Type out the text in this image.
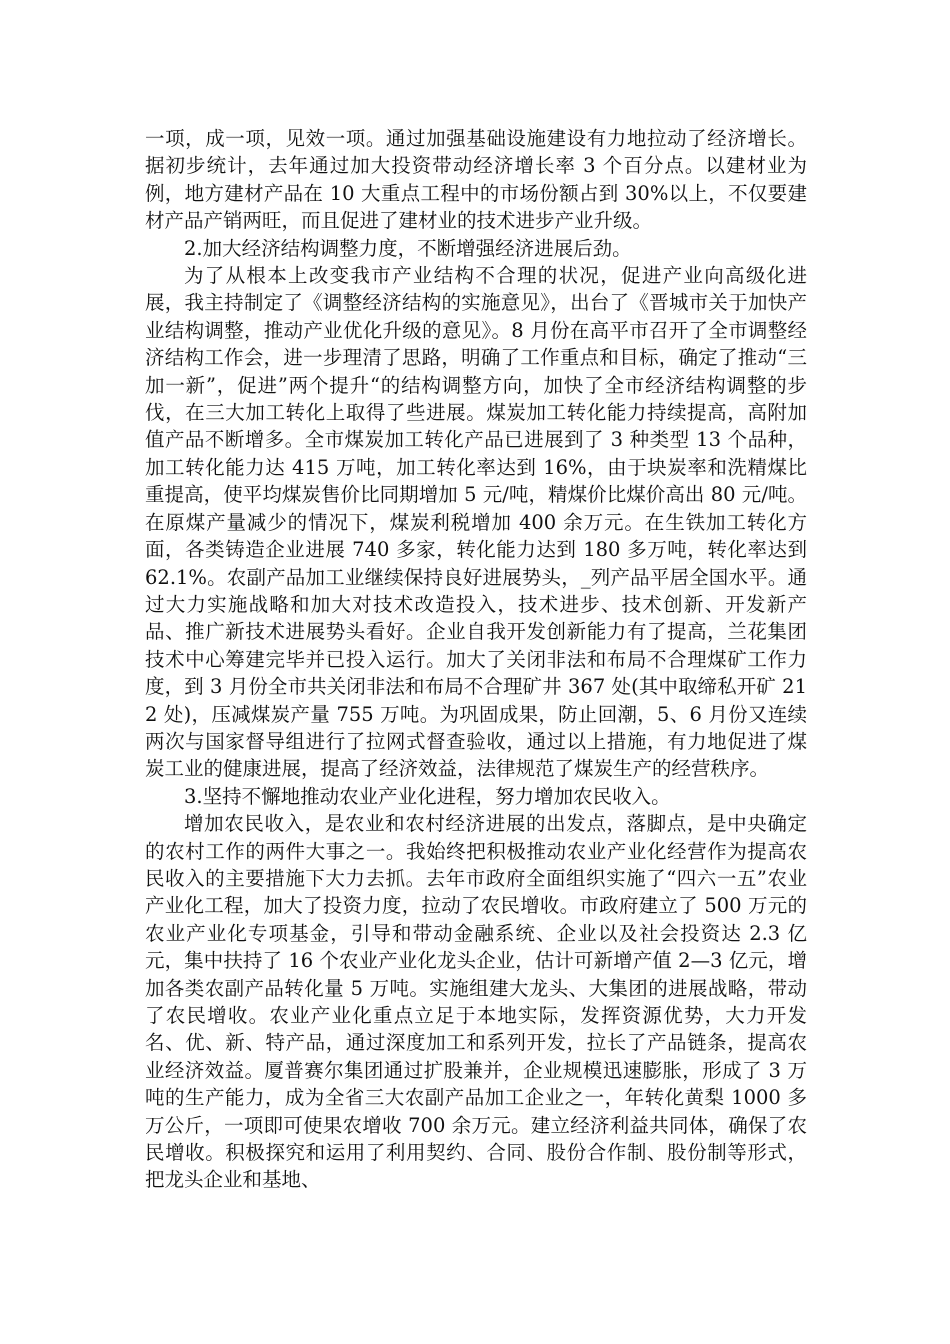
一项，成一项，见效一项。通过加强基础设施建设有力地拉动了经济增长。据初步统计，去年通过加大投资带动经济增长率 3 个百分点。以建材业为例，地方建材产品在 10 大重点工程中的市场份额占到 30%以上，不仅要建材产品产销两旺，而且促进了建材业的技术进步产业升级。

2.加大经济结构调整力度，不断增强经济进展后劲。

为了从根本上改变我市产业结构不合理的状况，促进产业向高级化进展，我主持制定了《调整经济结构的实施意见》，出台了《晋城市关于加快产业结构调整，推动产业优化升级的意见》。8 月份在高平市召开了全市调整经济结构工作会，进一步理清了思路，明确了工作重点和目标，确定了推动“三加一新”，促进”两个提升“的结构调整方向，加快了全市经济结构调整的步伐，在三大加工转化上取得了些进展。煤炭加工转化能力持续提高，高附加值产品不断增多。全市煤炭加工转化产品已进展到了 3 种类型 13 个品种，加工转化能力达 415 万吨，加工转化率达到 16%，由于块炭率和洗精煤比重提高，使平均煤炭售价比同期增加 5 元/吨，精煤价比煤价高出 80 元/吨。在原煤产量减少的情况下，煤炭利税增加 400 余万元。在生铁加工转化方面，各类铸造企业进展 740 多家，转化能力达到 180 多万吨，转化率达到 62.1%。农副产品加工业继续保持良好进展势头，_列产品平居全国水平。通过大力实施战略和加大对技术改造投入，技术进步、技术创新、开发新产品、推广新技术进展势头看好。企业自我开发创新能力有了提高，兰花集团技术中心筹建完毕并已投入运行。加大了关闭非法和布局不合理煤矿工作力度，到 3 月份全市共关闭非法和布局不合理矿井 367 处(其中取缔私开矿 212 处)，压减煤炭产量 755 万吨。为巩固成果，防止回潮，5、6 月份又连续两次与国家督导组进行了拉网式督查验收，通过以上措施，有力地促进了煤炭工业的健康进展，提高了经济效益，法律规范了煤炭生产的经营秩序。

3.坚持不懈地推动农业产业化进程，努力增加农民收入。

增加农民收入，是农业和农村经济进展的出发点，落脚点，是中央确定的农村工作的两件大事之一。我始终把积极推动农业产业化经营作为提高农民收入的主要措施下大力去抓。去年市政府全面组织实施了“四六一五”农业产业化工程，加大了投资力度，拉动了农民增收。市政府建立了 500 万元的农业产业化专项基金，引导和带动金融系统、企业以及社会投资达 2.3 亿元，集中扶持了 16 个农业产业化龙头企业，估计可新增产值 2—3 亿元，增加各类农副产品转化量 5 万吨。实施组建大龙头、大集团的进展战略，带动了农民增收。农业产业化重点立足于本地实际，发挥资源优势，大力开发名、优、新、特产品，通过深度加工和系列开发，拉长了产品链条，提高农业经济效益。厦普赛尔集团通过扩股兼并，企业规模迅速膨胀，形成了 3 万吨的生产能力，成为全省三大农副产品加工企业之一，年转化黄梨 1000 多万公斤，一项即可使果农增收 700 余万元。建立经济利益共同体，确保了农民增收。积极探究和运用了利用契约、合同、股份合作制、股份制等形式，把龙头企业和基地、
